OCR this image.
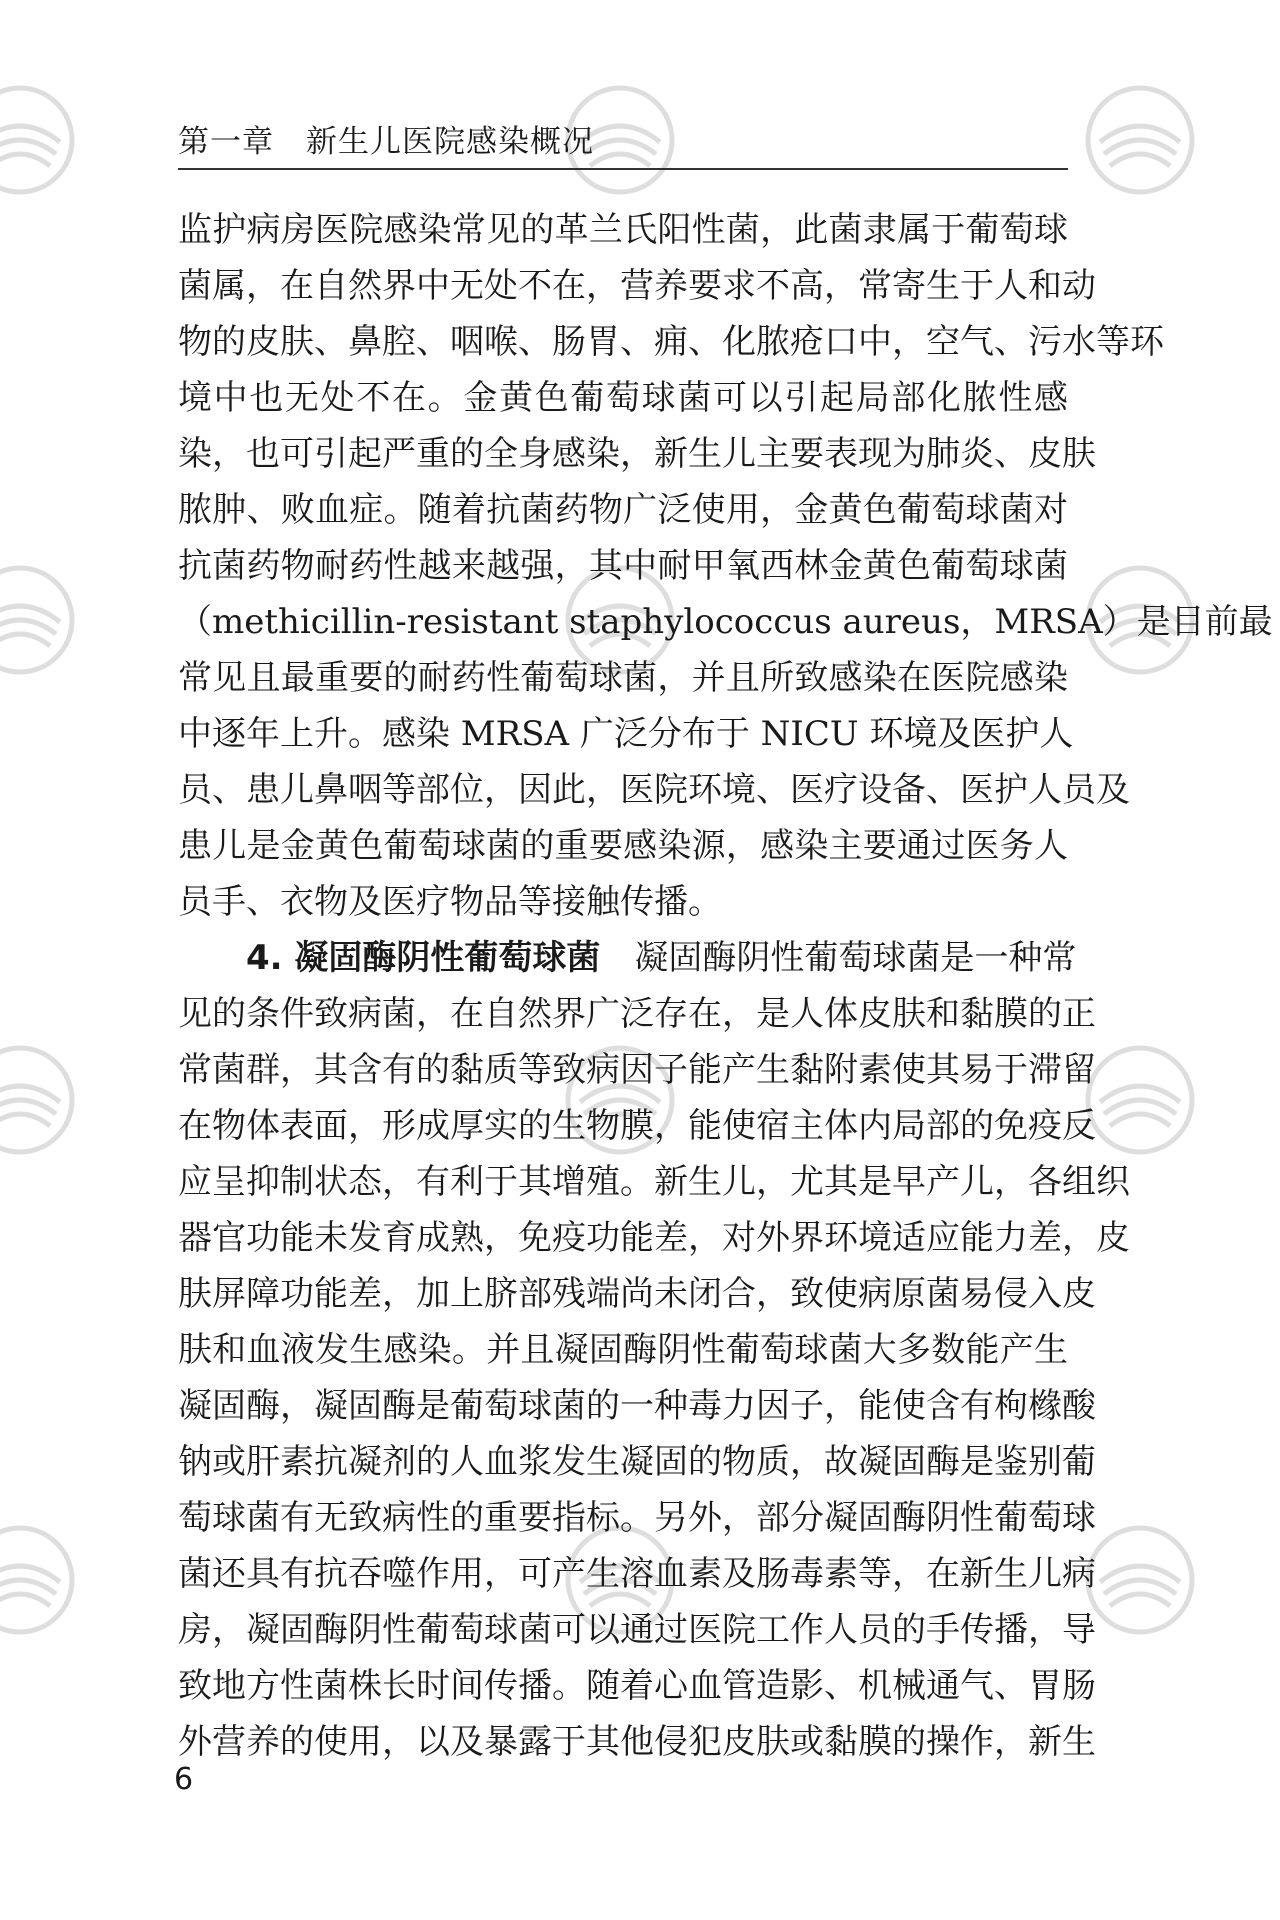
第一章　新生儿医院感染概况
监护病房医院感染常见的革兰氏阳性菌，此菌隶属于葡萄球
菌属，在自然界中无处不在，营养要求不高，常寄生于人和动
物的皮肤、鼻腔、咽喉、肠胃、痈、化脓疮口中，空气、污水等环
境中也无处不在。金黄色葡萄球菌可以引起局部化脓性感
染，也可引起严重的全身感染，新生儿主要表现为肺炎、皮肤
脓肿、败血症。随着抗菌药物广泛使用，金黄色葡萄球菌对
抗菌药物耐药性越来越强，其中耐甲氧西林金黄色葡萄球菌
（methicillin-resistant staphylococcus aureus，MRSA）是目前最
常见且最重要的耐药性葡萄球菌，并且所致感染在医院感染
中逐年上升。感染 MRSA 广泛分布于 NICU 环境及医护人
员、患儿鼻咽等部位，因此，医院环境、医疗设备、医护人员及
患儿是金黄色葡萄球菌的重要感染源，感染主要通过医务人
员手、衣物及医疗物品等接触传播。
4. 凝固酶阴性葡萄球菌 凝固酶阴性葡萄球菌是一种常
见的条件致病菌，在自然界广泛存在，是人体皮肤和黏膜的正
常菌群，其含有的黏质等致病因子能产生黏附素使其易于滞留
在物体表面，形成厚实的生物膜，能使宿主体内局部的免疫反
应呈抑制状态，有利于其增殖。新生儿，尤其是早产儿，各组织
器官功能未发育成熟，免疫功能差，对外界环境适应能力差，皮
肤屏障功能差，加上脐部残端尚未闭合，致使病原菌易侵入皮
肤和血液发生感染。并且凝固酶阴性葡萄球菌大多数能产生
凝固酶，凝固酶是葡萄球菌的一种毒力因子，能使含有枸橼酸
钠或肝素抗凝剂的人血浆发生凝固的物质，故凝固酶是鉴别葡
萄球菌有无致病性的重要指标。另外，部分凝固酶阴性葡萄球
菌还具有抗吞噬作用，可产生溶血素及肠毒素等，在新生儿病
房，凝固酶阴性葡萄球菌可以通过医院工作人员的手传播，导
致地方性菌株长时间传播。随着心血管造影、机械通气、胃肠
外营养的使用，以及暴露于其他侵犯皮肤或黏膜的操作，新生
6
